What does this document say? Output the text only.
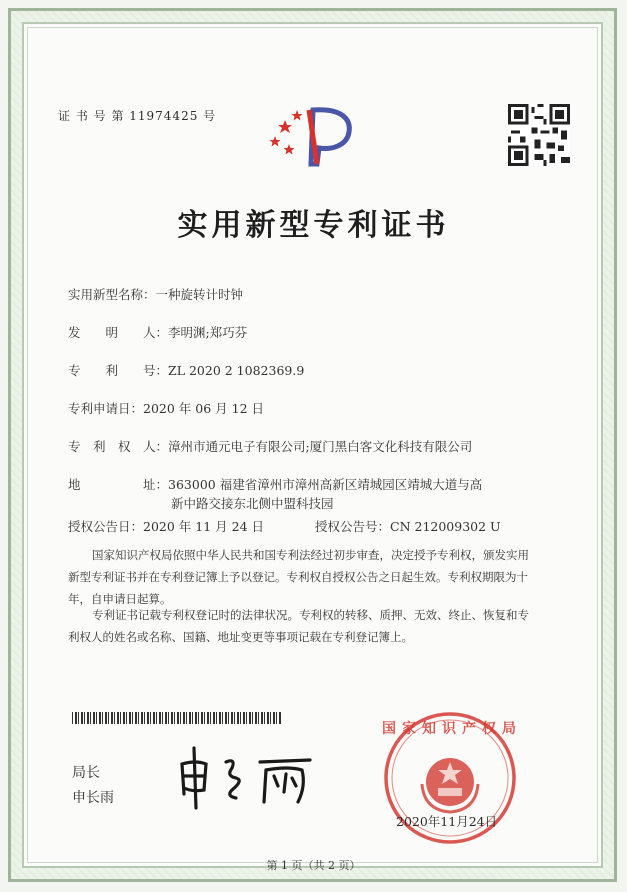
证 书 号 第 11974425 号
实用新型专利证书
实用新型名称：一种旋转计时钟
发　　明　　人：李明渊;郑巧芬
专　　利　　号：ZL 2020 2 1082369.9
专利申请日：2020 年 06 月 12 日
专　利　权　人：漳州市通元电子有限公司;厦门黑白客文化科技有限公司
地　　　　　址：363000 福建省漳州市漳州高新区靖城园区靖城大道与高
新中路交接东北侧中盟科技园
授权公告日：2020 年 11 月 24 日	授权公告号：CN 212009302 U
国家知识产权局依照中华人民共和国专利法经过初步审查，决定授予专利权，颁发实用
新型专利证书并在专利登记簿上予以登记。专利权自授权公告之日起生效。专利权期限为十
年，自申请日起算。
专利证书记载专利权登记时的法律状况。专利权的转移、质押、无效、终止、恢复和专
利权人的姓名或名称、国籍、地址变更等事项记载在专利登记簿上。
局长
申长雨
国家知识产权局
2020年11月24日
第 1 页（共 2 页）
